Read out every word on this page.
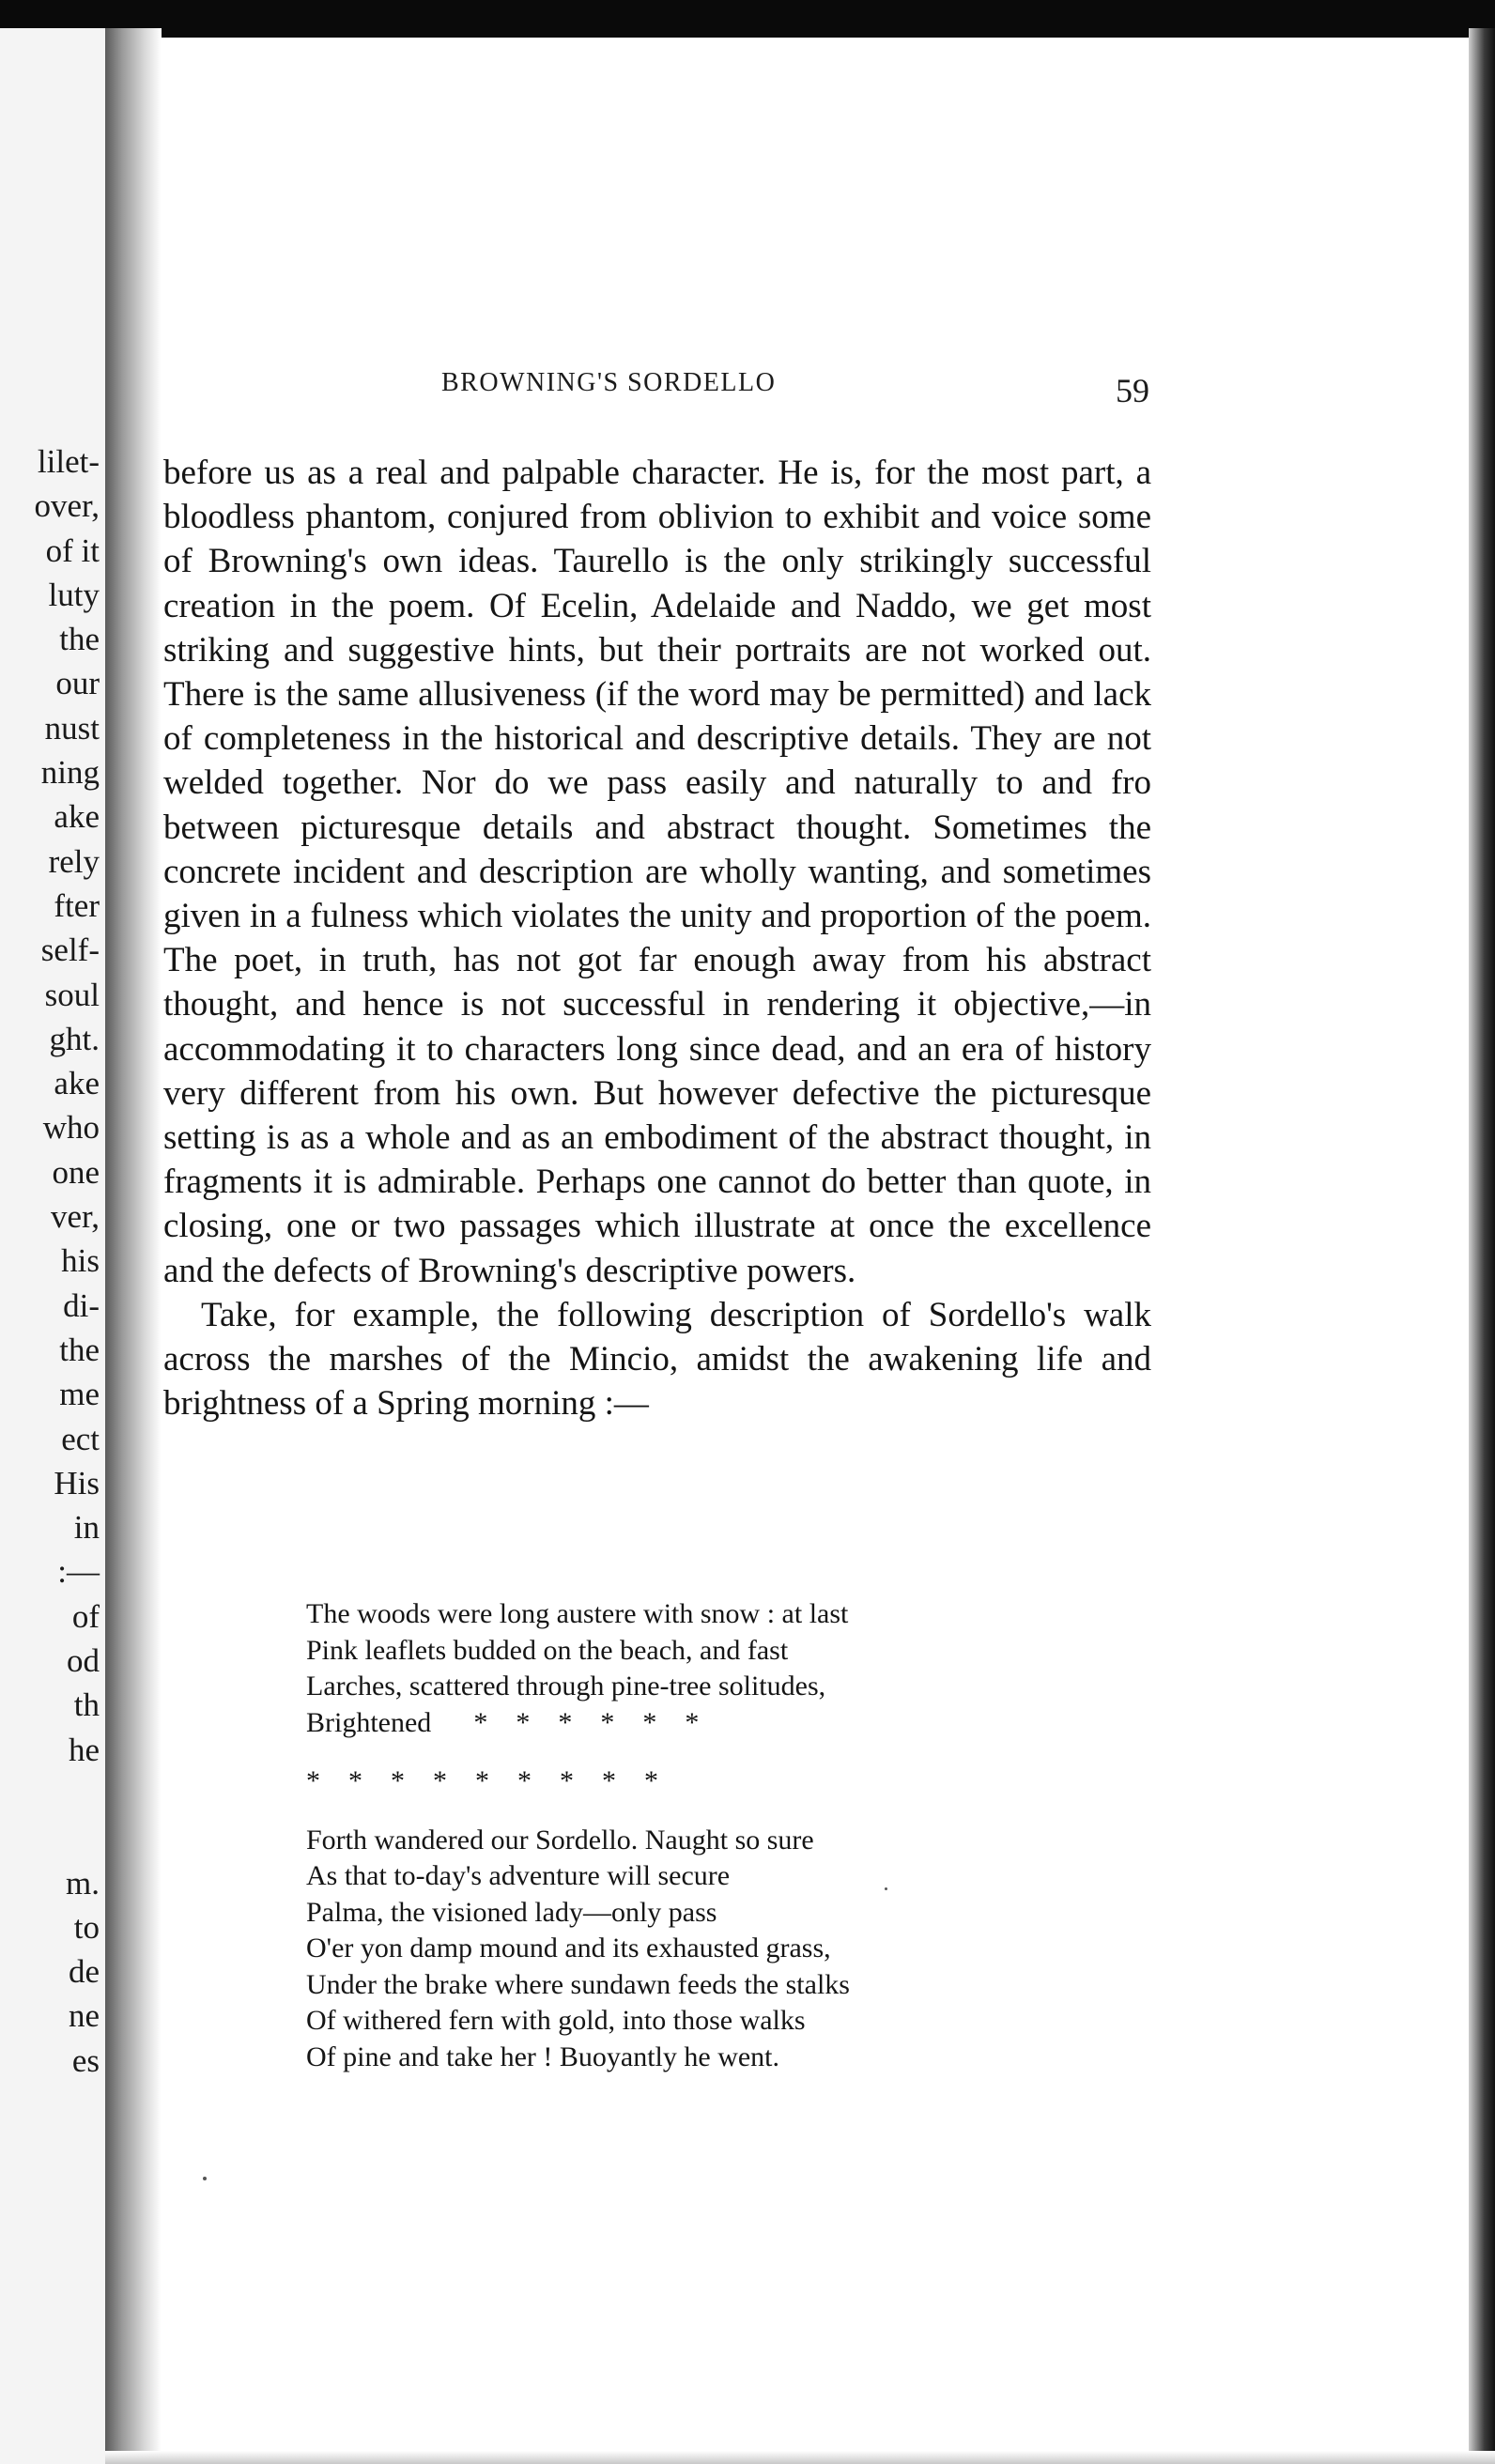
lilet-
over,
of it
luty
the
our
nust
ning
ake
rely
fter
self-
soul
ght.
ake
who
one
ver,
his
di-
the
me
ect
His
in
:—
of
od
th
he

m.
to
de
ne
es
BROWNING'S SORDELLO	59

before us as a real and palpable character. He is, for the most part, a bloodless phantom, conjured from oblivion to exhibit and voice some of Browning's own ideas. Taurello is the only strikingly successful creation in the poem. Of Ecelin, Adelaide and Naddo, we get most striking and suggestive hints, but their portraits are not worked out. There is the same allusiveness (if the word may be permitted) and lack of completeness in the historical and descriptive details. They are not welded together. Nor do we pass easily and naturally to and fro between picturesque details and abstract thought. Sometimes the concrete incident and description are wholly wanting, and sometimes given in a fulness which violates the unity and proportion of the poem. The poet, in truth, has not got far enough away from his abstract thought, and hence is not successful in rendering it objective,—in accommodating it to characters long since dead, and an era of history very different from his own. But however defective the picturesque setting is as a whole and as an embodiment of the abstract thought, in fragments it is admirable. Perhaps one cannot do better than quote, in closing, one or two passages which illustrate at once the excellence and the defects of Browning's descriptive powers.

Take, for example, the following description of Sordello's walk across the marshes of the Mincio, amidst the awakening life and brightness of a Spring morning :—

The woods were long austere with snow : at last
Pink leaflets budded on the beach, and fast
Larches, scattered through pine-tree solitudes,
Brightened *    *    *    *    *    *
*    *    *    *    *    *    *    *    *
Forth wandered our Sordello. Naught so sure
As that to-day's adventure will secure
Palma, the visioned lady—only pass
O'er yon damp mound and its exhausted grass,
Under the brake where sundawn feeds the stalks
Of withered fern with gold, into those walks
Of pine and take her ! Buoyantly he went.
